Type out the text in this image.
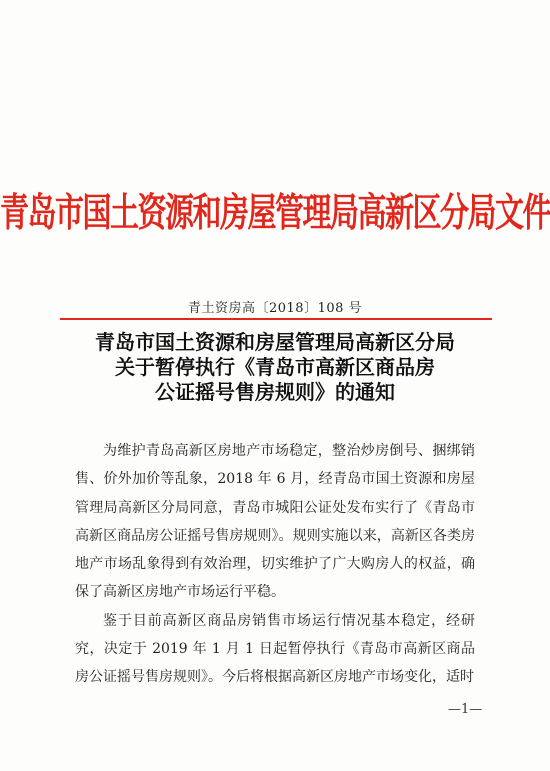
青岛市国土资源和房屋管理局高新区分局文件
青土资房高〔2018〕108 号
青岛市国土资源和房屋管理局高新区分局
关于暂停执行《青岛市高新区商品房
公证摇号售房规则》的通知

为维护青岛高新区房地产市场稳定，整治炒房倒号、捆绑销售、价外加价等乱象，2018 年 6 月，经青岛市国土资源和房屋管理局高新区分局同意，青岛市城阳公证处发布实行了《青岛市高新区商品房公证摇号售房规则》。规则实施以来，高新区各类房地产市场乱象得到有效治理，切实维护了广大购房人的权益，确保了高新区房地产市场运行平稳。

鉴于目前高新区商品房销售市场运行情况基本稳定，经研究，决定于 2019 年 1 月 1 日起暂停执行《青岛市高新区商品房公证摇号售房规则》。今后将根据高新区房地产市场变化，适时

—1—
